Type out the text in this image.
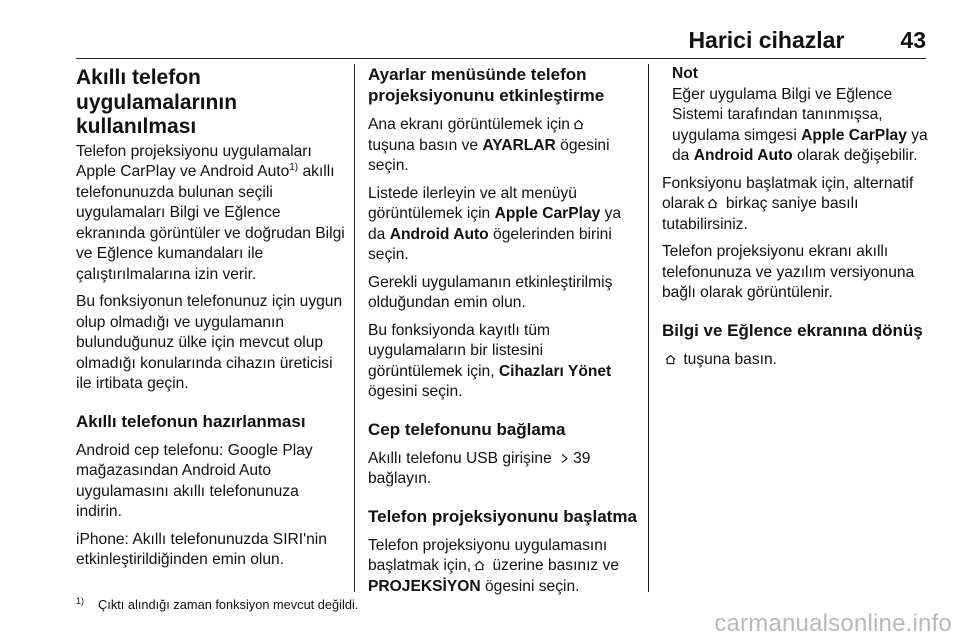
Harici cihazlar 43
Akıllı telefon
uygulamalarının
kullanılması

Telefon projeksiyonu uygulamaları Apple CarPlay ve Android Auto$^{1)}$ akıllı telefonunuzda bulunan seçili uygulamaları Bilgi ve Eğlence ekranında görüntüler ve doğrudan Bilgi ve Eğlence kumandaları ile çalıştırılmalarına izin verir.

Bu fonksiyonun telefonunuz için uygun olup olmadığı ve uygulamanın bulunduğunuz ülke için mevcut olup olmadığı konularında cihazın üreticisi ile irtibata geçin.

Akıllı telefonun hazırlanması

Android cep telefonu: Google Play mağazasından Android Auto uygulamasını akıllı telefonunuza indirin.

iPhone: Akıllı telefonunuzda SIRI'nin etkinleştirildiğinden emin olun.

Ayarlar menüsünde telefon projeksiyonunu etkinleştirme

Ana ekranı görüntülemek için
tuşuna basın ve AYARLAR ögesini seçin.

Listede ilerleyin ve alt menüyü görüntülemek için Apple CarPlay ya da Android Auto ögelerinden birini seçin.

Gerekli uygulamanın etkinleştirilmiş olduğundan emin olun.

Bu fonksiyonda kayıtlı tüm uygulamaların bir listesini görüntülemek için, Cihazları Yönet ögesini seçin.

Cep telefonunu bağlama

Akıllı telefonu USB girişine
39 bağlayın.

Telefon projeksiyonunu başlatma

Telefon projeksiyonu uygulamasını başlatmak için,
üzerine basınız ve PROJEKSİYON ögesini seçin.

Not

Eğer uygulama Bilgi ve Eğlence Sistemi tarafından tanınmışsa, uygulama simgesi Apple CarPlay ya da Android Auto olarak değişebilir.

Fonksiyonu başlatmak için, alternatif olarak
birkaç saniye basılı tutabilirsiniz.

Telefon projeksiyonu ekranı akıllı telefonunuza ve yazılım versiyonuna bağlı olarak görüntülenir.

Bilgi ve Eğlence ekranına dönüş

tuşuna basın.

$^{1)}$ Çıktı alındığı zaman fonksiyon mevcut değildi.
carmanualsonline.info
